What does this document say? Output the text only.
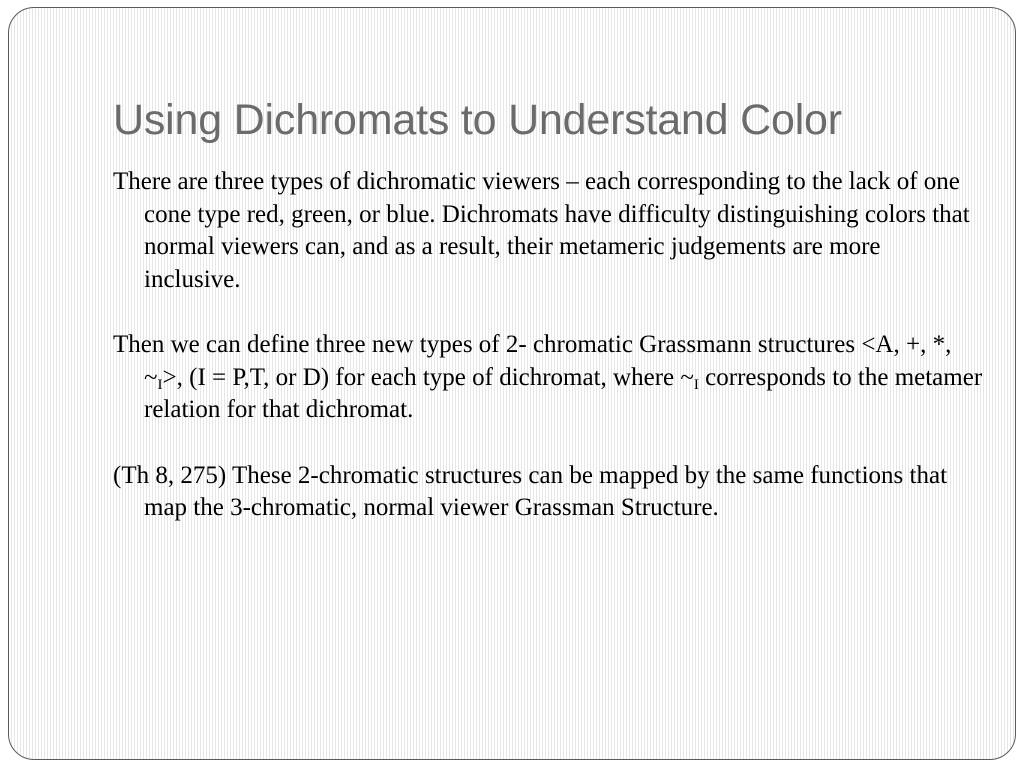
Using Dichromats to Understand Color

There are three types of dichromatic viewers – each corresponding to the lack of one cone type red, green, or blue. Dichromats have difficulty distinguishing colors that normal viewers can, and as a result, their metameric judgements are more inclusive.

Then we can define three new types of 2- chromatic Grassmann structures <A, +, *, $\sim_I>$, (I = P,T, or D) for each type of dichromat, where $\sim_I$ corresponds to the metamer relation for that dichromat.

(Th 8, 275) These 2-chromatic structures can be mapped by the same functions that map the 3-chromatic, normal viewer Grassman Structure.
